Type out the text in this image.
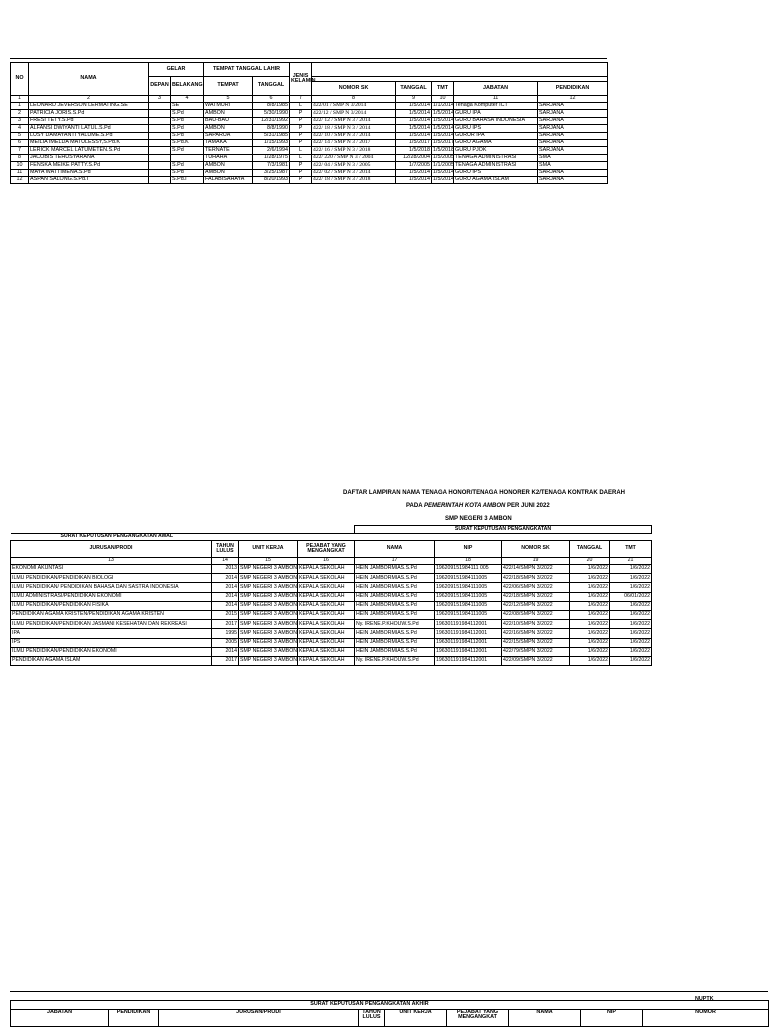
NO	NAMA	GELAR		TEMPAT TANGGAL LAHIR		JENIS KELAMIN					
		DEPAN	BELAKANG	TEMPAT	TANGGAL						
							NOMOR SK	TANGGAL	TMT	JABATAN	PENDIDIKAN
1	2	3	4	5	6	7	8	9	10	11	12
1	LEONARD JEVERSON LERMATING.SE		SE	WATMURI	8/8/1985	L	422/01 / SMP N 3/2014	1/5/2014	1/1/2014	Tenaga Komputer ICT	SARJANA
2	PATRICIA JORIS.S.Pd		S.Pd	AMBON	5/30/1990	P	422/12 / SMP N 3/2014	1/5/2014	1/5/2014	GURU IPA	SARJANA
3	FRESI TETY.S.Pd		S.Pd	BAU-BAU	12/31/1992	P	422/ 12 / SMP N 3 / 2014	1/5/2014	1/5/2014	GURU BAHASA INDONESIA	SARJANA
4	ALFANSI DWIYANTI LATUL.S.Pd		S.Pd	AMBON	8/8/1990	P	422/ 18 / SMP N 3 / 2014	1/5/2014	1/5/2014	GURU IPS	SARJANA
5	LUSY DAMAYANTI YALUME.S.Pd		S.Pd	SAPARUA	5/31/1985	P	422/ 10 / SMP N 3 / 2014	1/5/2014	1/5/2014	GURUR IPA	SARJANA
6	MEILIA IMELDA MATULESSY,S.Pd.K		S.Pd.K	TAMAKA	1/15/1993	P	422/ 14 / SMP N 3 / 2017	1/5/2017	1/5/2017	GURU AGAMA	SARJANA
7	LERICK MARCEL LATUMETEN.S.Pd		S.Pd	TERNATE	2/6/1994	L	422/ 16 / SMP N 3 / 2018	1/5/2018	1/5/2018	GURU PJOK	SARJANA
8	JACOBIS TEHUSYARANA			TUHAHA	1/28/1975	L	422/ 220 / SMP N 3 / 2004	12/28/2004	1/5/2005	TENAGA ADMINISTRASI	SMA
10	FENSKA MEIKE PATTY.S.Pd		S.Pd	AMBON	7/3/1981	P	422/ 04 / SMP N 3 / 2005	1/7/2005	1/1/2005	TENAGA ADMINISTRASI	SMA
11	MAYA WATTIMENA.S.Pd		S.Pd	AMBON	3/25/1987	P	422/ 02 / SMP N 3 / 2014	1/5/2014	1/5/2014	GURU IPS	SARJANA
12	ASPAN SALONG.S.Pd.I		S.Pd.I	FALABISAHAYA	8/20/1993	P	422/ 18 / SMP N 3 / 2018	1/5/2014	1/5/2014	GURU AGAMA ISLAM	SARJANA
DAFTAR LAMPIRAN NAMA TENAGA HONOR/TENAGA HONORER K2/TENAGA KONTRAK DAERAH
PADA PEMERINTAH KOTA AMBON PER JUNI 2022
SMP NEGERI 3 AMBON
				SURAT KEPUTUSAN PENGANGKATAN				
SURAT KEPUTUSAN PENGANGKATAN AWAL								
JURUSAN/PRODI	TAHUN LULUS	UNIT KERJA	PEJABAT YANG MENGANGKAT	NAMA	NIP	NOMOR SK	TANGGAL	TMT
13	14	15	16	17	18	19	20	21
EKONOMI AKUNTASI	2013	SMP NEGERI 3 AMBON	KEPALA SEKOLAH	HEIN JAMBORMIAS.S.Pd	196209151984111 005	422/14/SMPN 3/2022	1/6/2022	1/6/2022
ILMU PENDIDIKAN/PENDIDIKAN BIOLOGI	2014	SMP NEGERI 3 AMBON	KEPALA SEKOLAH	HEIN JAMBORMIAS.S.Pd	196209151984111005	422/18/SMPN 3/2022	1/6/2022	1/6/2022
ILMU PENDIDIKAN/ PENDIDIKAN BAHASA DAN SASTRA INDONESIA	2014	SMP NEGERI 3 AMBON	KEPALA SEKOLAH	HEIN JAMBORMIAS.S.Pd	196209151984111005	422/06/SMPN 3/2022	1/6/2022	1/6/2022
ILMU ADMINISTRASI/PENDIDIKAN EKONOMI	2014	SMP NEGERI 3 AMBON	KEPALA SEKOLAH	HEIN JAMBORMIAS.S.Pd	196209151984111005	422/18/SMPN 3/2022	1/6/2022	06/01/2022
ILMU PENDIDIKAN/PENDIDIKAN FISIKA	2014	SMP NEGERI 3 AMBON	KEPALA SEKOLAH	HEIN JAMBORMIAS.S.Pd	196209151984111005	422/12/SMPN 3/2022	1/6/2022	1/6/2022
PENDIDIKAN AGAMA KRISTEN/PENDIDIKAN AGAMA KRISTEN	2015	SMP NEGERI 3 AMBON	KEPALA SEKOLAH	HEIN JAMBORMIAS.S.Pd	196209151984111005	422/08/SMPN 3/2022	1/6/2022	1/6/2022
ILMU PENDIDIKAN/PENDIDIKAN JASMANI KESEHATAN DAN REKREASI	2017	SMP NEGERI 3 AMBON	KEPALA SEKOLAH	Ny. IRENE.P.KHOUW.S.Pd	196301191984112001	422/10/SMPN 3/2022	1/6/2022	1/6/2022
IPA	1995	SMP NEGERI 3 AMBON	KEPALA SEKOLAH	HEIN JAMBORMIAS.S.Pd	196301191984112001	422/16/SMPN 3/2022	1/6/2022	1/6/2022
IPS	2005	SMP NEGERI 3 AMBON	KEPALA SEKOLAH	HEIN JAMBORMIAS.S.Pd	196301191984112001	422/15/SMPN 3/2022	1/6/2022	1/6/2022
ILMU PENDIDIKAN/PENDIDIKAN EKONOMI	2014	SMP NEGERI 3 AMBON	KEPALA SEKOLAH	HEIN JAMBORMIAS.S.Pd	196301191984112001	422/79/SMPN 3/2022	1/6/2022	1/6/2022
PENDIDIKAN AGAMA ISLAM	2017	SMP NEGERI 3 AMBON	KEPALA SEKOLAH	Ny. IRENE.P.KHOUW.S.Pd	196301191984112001	422/09/SMPN 3/2022	1/6/2022	1/6/2022
NUPTK
		SURAT KEPUTUSAN PENGANGKATAN AKHIR						
JABATAN	PENDIDIKAN	JURUSAN/PRODI	TAHUN LULUS	UNIT KERJA	PEJABAT YANG MENGANGKAT	NAMA	NIP	NOMOR
